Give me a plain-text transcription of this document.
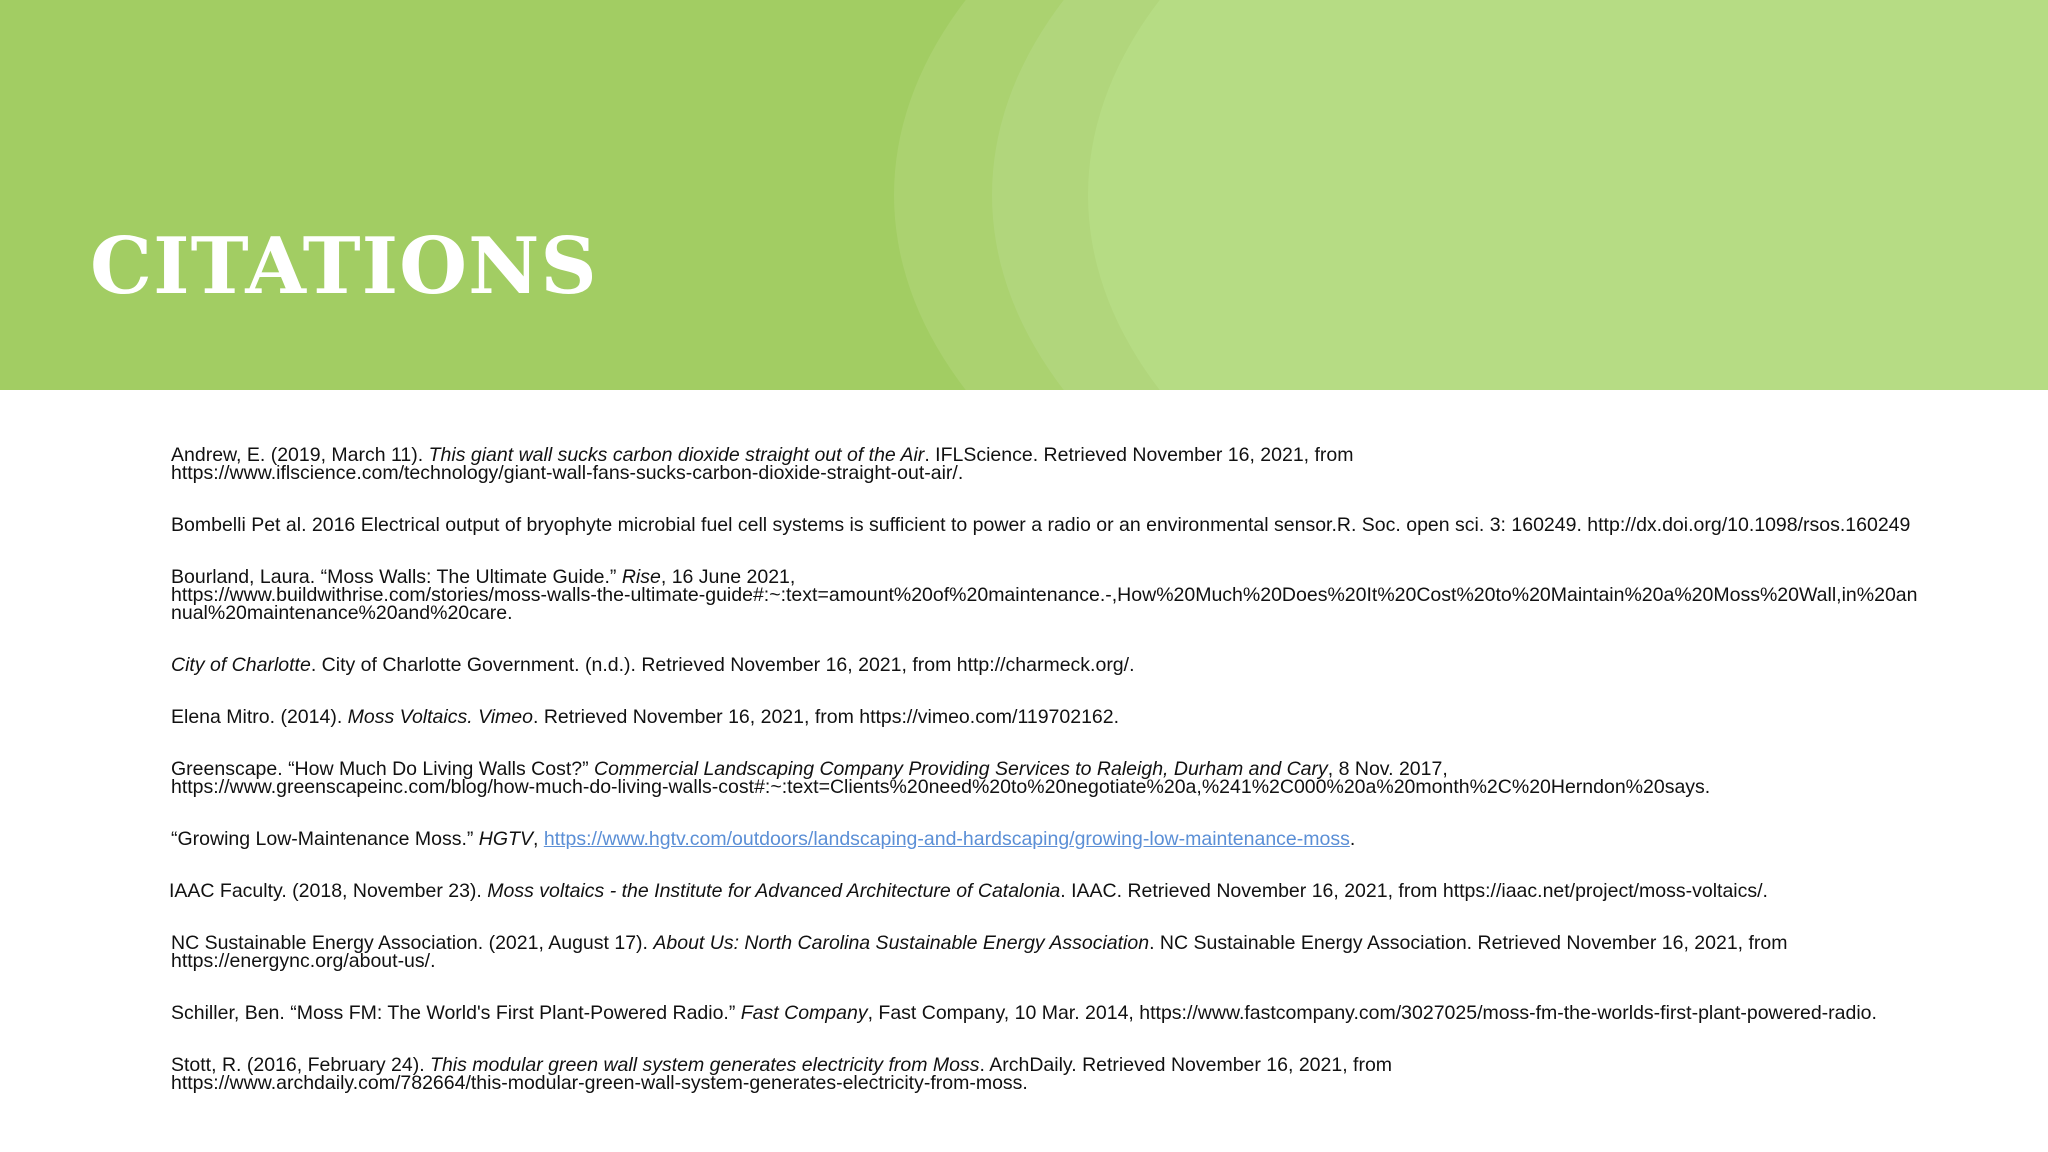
CITATIONS
Andrew, E. (2019, March 11). This giant wall sucks carbon dioxide straight out of the Air. IFLScience. Retrieved November 16, 2021, from
https://www.iflscience.com/technology/giant-wall-fans-sucks-carbon-dioxide-straight-out-air/.
Bombelli Pet al. 2016 Electrical output of bryophyte microbial fuel cell systems is sufficient to power a radio or an environmental sensor.R. Soc. open sci. 3: 160249. http://dx.doi.org/10.1098/rsos.160249
Bourland, Laura. “Moss Walls: The Ultimate Guide.” Rise, 16 June 2021,
https://www.buildwithrise.com/stories/moss-walls-the-ultimate-guide#:~:text=amount%20of%20maintenance.-,How%20Much%20Does%20It%20Cost%20to%20Maintain%20a%20Moss%20Wall,in%20an
nual%20maintenance%20and%20care.
City of Charlotte. City of Charlotte Government. (n.d.). Retrieved November 16, 2021, from http://charmeck.org/.
Elena Mitro. (2014). Moss Voltaics. Vimeo. Retrieved November 16, 2021, from https://vimeo.com/119702162.
Greenscape. “How Much Do Living Walls Cost?” Commercial Landscaping Company Providing Services to Raleigh, Durham and Cary, 8 Nov. 2017,
https://www.greenscapeinc.com/blog/how-much-do-living-walls-cost#:~:text=Clients%20need%20to%20negotiate%20a,%241%2C000%20a%20month%2C%20Herndon%20says.
“Growing Low-Maintenance Moss.” HGTV, https://www.hgtv.com/outdoors/landscaping-and-hardscaping/growing-low-maintenance-moss.
IAAC Faculty. (2018, November 23). Moss voltaics - the Institute for Advanced Architecture of Catalonia. IAAC. Retrieved November 16, 2021, from https://iaac.net/project/moss-voltaics/.
NC Sustainable Energy Association. (2021, August 17). About Us: North Carolina Sustainable Energy Association. NC Sustainable Energy Association. Retrieved November 16, 2021, from
https://energync.org/about-us/.
Schiller, Ben. “Moss FM: The World's First Plant-Powered Radio.” Fast Company, Fast Company, 10 Mar. 2014, https://www.fastcompany.com/3027025/moss-fm-the-worlds-first-plant-powered-radio.
Stott, R. (2016, February 24). This modular green wall system generates electricity from Moss. ArchDaily. Retrieved November 16, 2021, from
https://www.archdaily.com/782664/this-modular-green-wall-system-generates-electricity-from-moss.
